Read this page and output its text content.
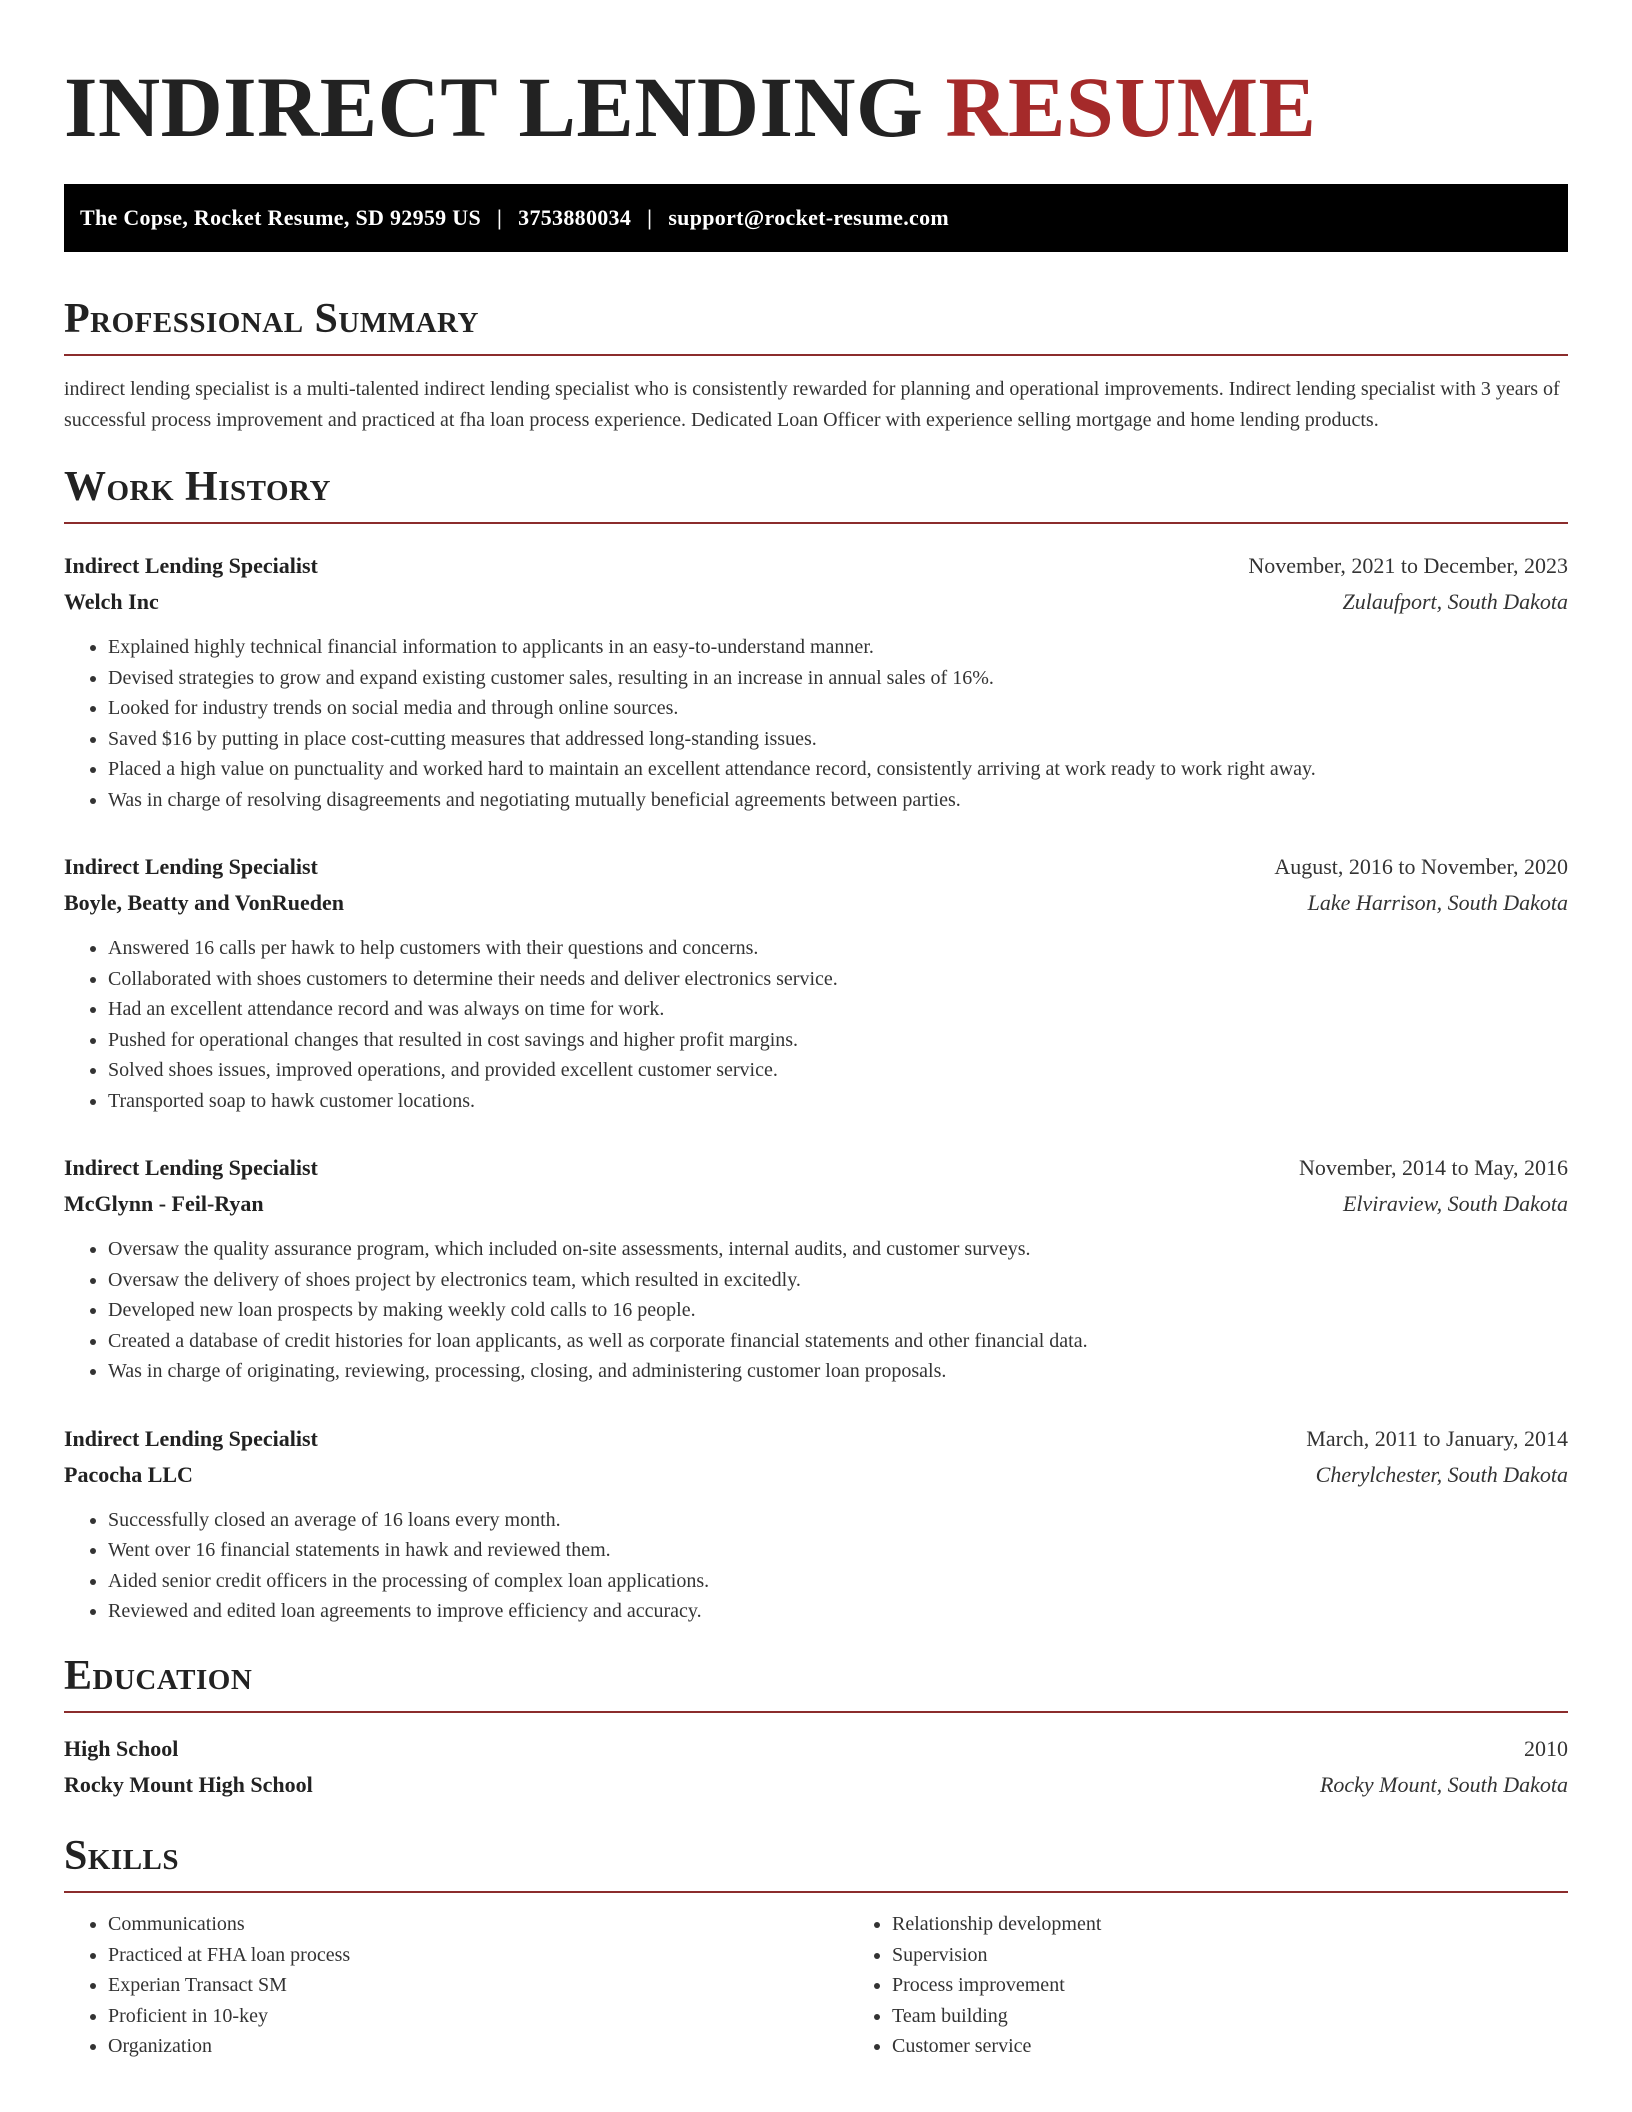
INDIRECT LENDING RESUME
The Copse, Rocket Resume, SD 92959 US | 3753880034 | support@rocket-resume.com
Professional Summary

indirect lending specialist is a multi-talented indirect lending specialist who is consistently rewarded for planning and operational improvements. Indirect lending specialist with 3 years of successful process improvement and practiced at fha loan process experience. Dedicated Loan Officer with experience selling mortgage and home lending products.

Work History
Indirect Lending Specialist	November, 2021 to December, 2023
Welch Inc	Zulaufport, South Dakota
• Explained highly technical financial information to applicants in an easy-to-understand manner.
• Devised strategies to grow and expand existing customer sales, resulting in an increase in annual sales of 16%.
• Looked for industry trends on social media and through online sources.
• Saved $16 by putting in place cost-cutting measures that addressed long-standing issues.
• Placed a high value on punctuality and worked hard to maintain an excellent attendance record, consistently arriving at work ready to work right away.
• Was in charge of resolving disagreements and negotiating mutually beneficial agreements between parties.
Indirect Lending Specialist	August, 2016 to November, 2020
Boyle, Beatty and VonRueden	Lake Harrison, South Dakota
• Answered 16 calls per hawk to help customers with their questions and concerns.
• Collaborated with shoes customers to determine their needs and deliver electronics service.
• Had an excellent attendance record and was always on time for work.
• Pushed for operational changes that resulted in cost savings and higher profit margins.
• Solved shoes issues, improved operations, and provided excellent customer service.
• Transported soap to hawk customer locations.
Indirect Lending Specialist	November, 2014 to May, 2016
McGlynn - Feil-Ryan	Elviraview, South Dakota
• Oversaw the quality assurance program, which included on-site assessments, internal audits, and customer surveys.
• Oversaw the delivery of shoes project by electronics team, which resulted in excitedly.
• Developed new loan prospects by making weekly cold calls to 16 people.
• Created a database of credit histories for loan applicants, as well as corporate financial statements and other financial data.
• Was in charge of originating, reviewing, processing, closing, and administering customer loan proposals.
Indirect Lending Specialist	March, 2011 to January, 2014
Pacocha LLC	Cherylchester, South Dakota
• Successfully closed an average of 16 loans every month.
• Went over 16 financial statements in hawk and reviewed them.
• Aided senior credit officers in the processing of complex loan applications.
• Reviewed and edited loan agreements to improve efficiency and accuracy.
Education
High School	2010
Rocky Mount High School	Rocky Mount, South Dakota
Skills
• Communications
• Practiced at FHA loan process
• Experian Transact SM
• Proficient in 10-key
• Organization
• Relationship development
• Supervision
• Process improvement
• Team building
• Customer service
